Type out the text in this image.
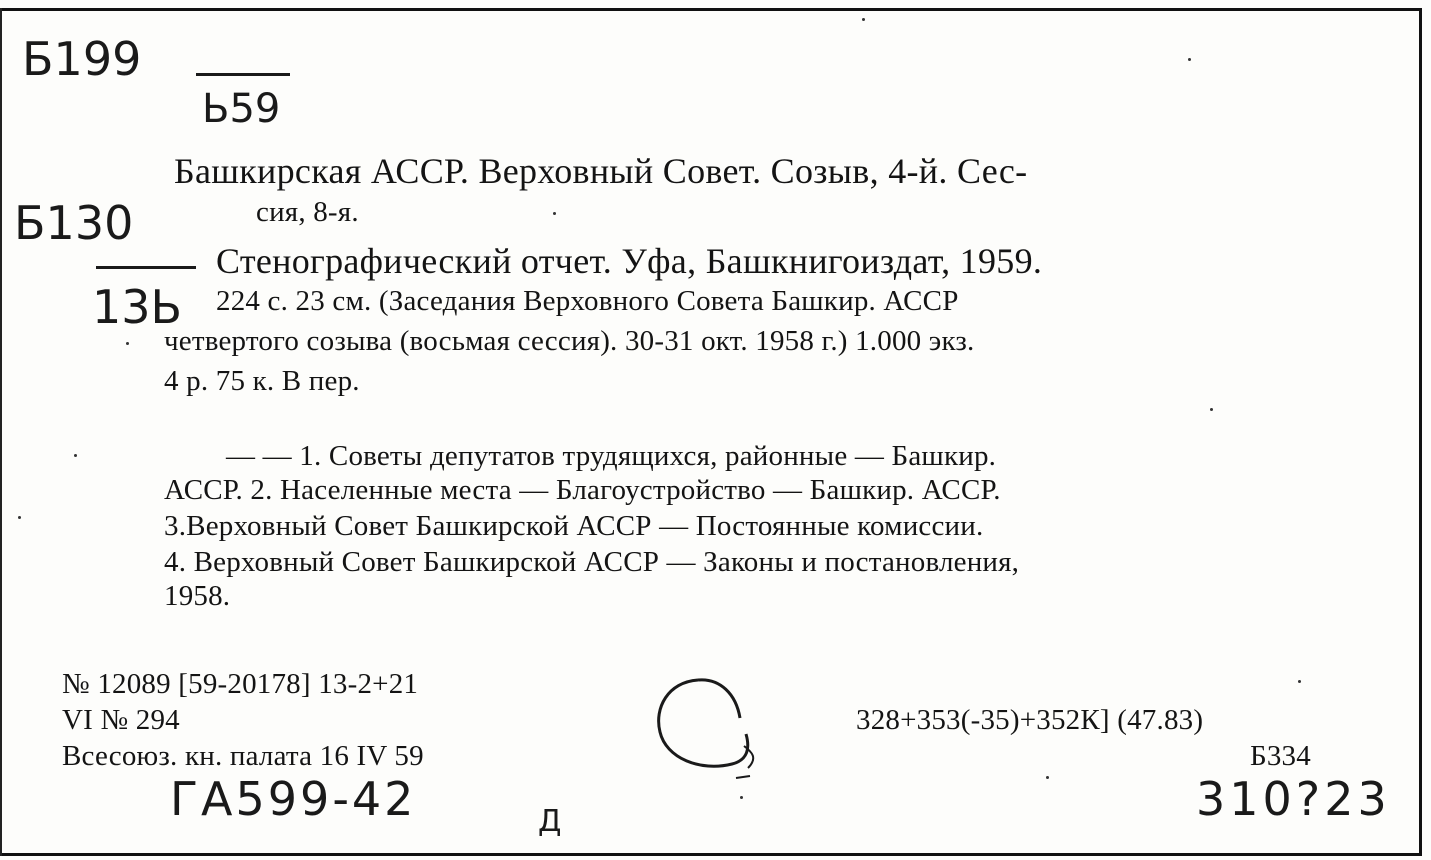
Б199
Ь59
Б130
13Ь
Башкирская АССР. Верховный Совет. Созыв, 4-й. Сес-
сия, 8-я.
Стенографический отчет. Уфа, Башкнигоиздат, 1959.
224 с. 23 см. (Заседания Верховного Совета Башкир. АССР
четвертого созыва (восьмая сессия). 30-31 окт. 1958 г.) 1.000 экз.
4 р. 75 к. В пер.
— — 1. Советы депутатов трудящихся, районные — Башкир.
АССР. 2. Населенные места — Благоустройство — Башкир. АССР.
3.Верховный Совет Башкирской АССР — Постоянные комиссии.
4. Верховный Совет Башкирской АССР — Законы и постановления,
1958.
№ 12089 [59-20178] 13-2+21
VI № 294
Всесоюз. кн. палата 16 IV 59
328+353(-35)+352К] (47.83)
Б334
ГА599-42	Д	310?23
